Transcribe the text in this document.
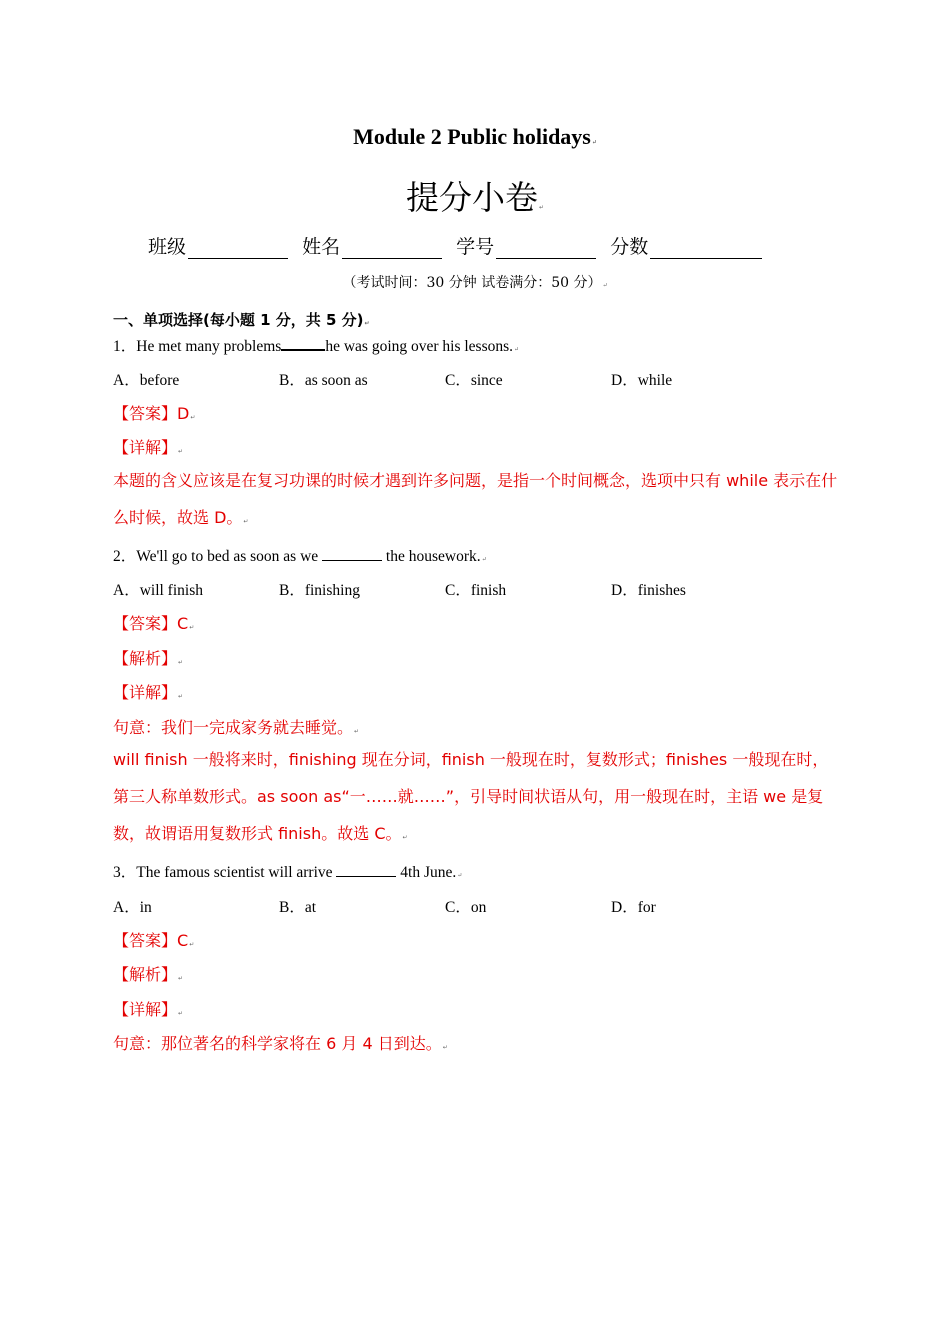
Module 2 Public holidays↵
提分小卷↵
班级	姓名	学号	分数
（考试时间：30 分钟 试卷满分：50 分）↵
一、单项选择(每小题 1 分，共 5 分)↵
1．He met many problems	he was going over his lessons.↵
A．before	B．as soon as	C．since	D．while
【答案】D↵
【详解】↵
本题的含义应该是在复习功课的时候才遇到许多问题，是指一个时间概念，选项中只有 while 表示在什么时候，故选 D。↵
2．We'll go to bed as soon as we	the housework.↵
A．will finish	B．finishing	C．finish	D．finishes
【答案】C↵
【解析】↵
【详解】↵
句意：我们一完成家务就去睡觉。↵
will finish 一般将来时，finishing 现在分词，finish 一般现在时，复数形式；finishes 一般现在时，第三人称单数形式。as soon as“一……就……”，引导时间状语从句，用一般现在时，主语 we 是复数，故谓语用复数形式 finish。故选 C。↵
3．The famous scientist will arrive	4th June.↵
A．in	B．at	C．on	D．for
【答案】C↵
【解析】↵
【详解】↵
句意：那位著名的科学家将在 6 月 4 日到达。↵
